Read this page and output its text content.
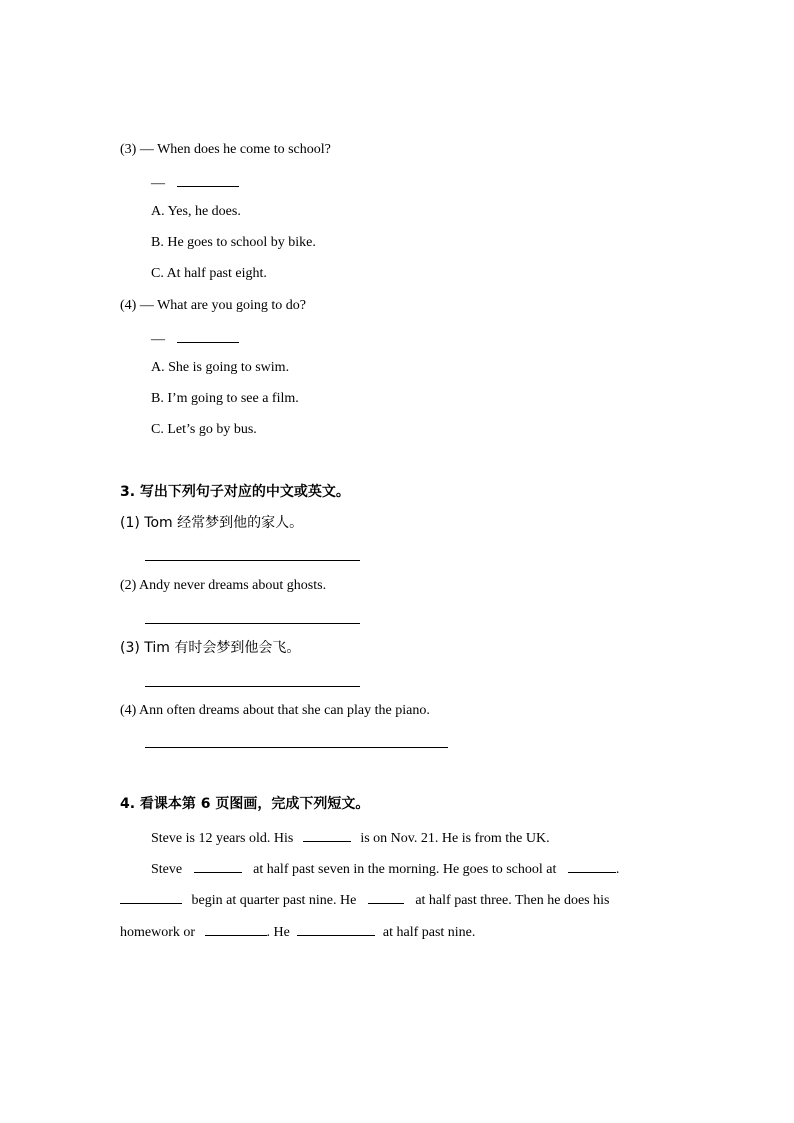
(3) — When does he come to school?
—
A. Yes, he does.
B. He goes to school by bike.
C. At half past eight.
(4) — What are you going to do?
—
A. She is going to swim.
B. I’m going to see a film.
C. Let’s go by bus.
3. 写出下列句子对应的中文或英文。
(1) Tom 经常梦到他的家人。
(2) Andy never dreams about ghosts.
(3) Tim 有时会梦到他会飞。
(4) Ann often dreams about that she can play the piano.
4. 看课本第 6 页图画，完成下列短文。
Steve is 12 years old. His	is on Nov. 21. He is from the UK.
Steve	at half past seven in the morning. He goes to school at	.
begin at quarter past nine. He	at half past three. Then he does his
homework or	. He	at half past nine.
